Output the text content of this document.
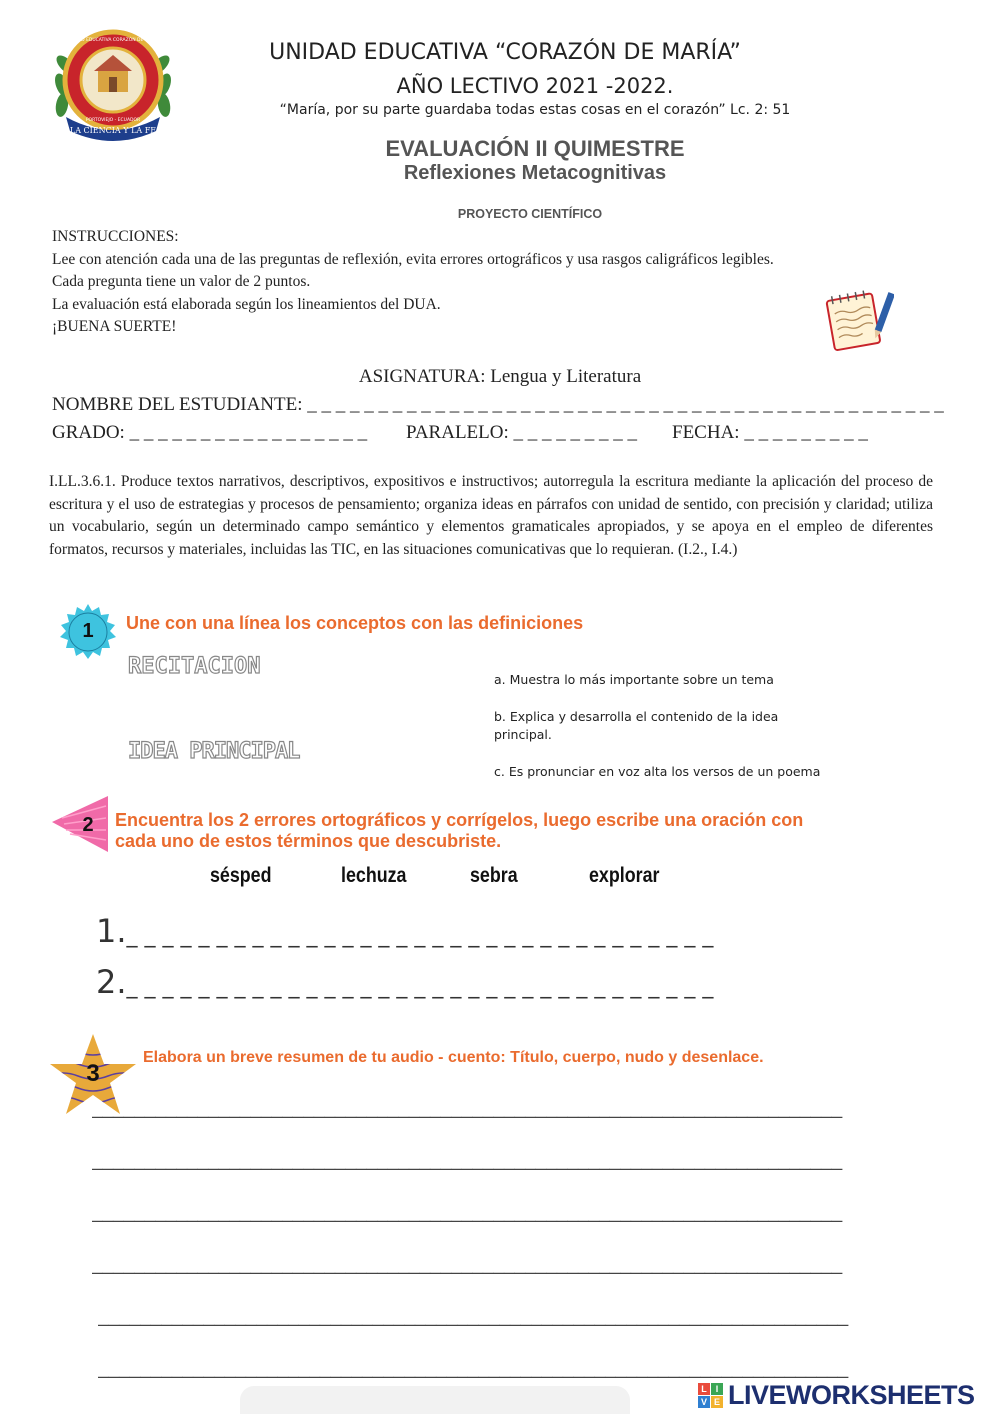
LA CIENCIA Y LA FE
UNIDAD EDUCATIVA CORAZÓN DE MARÍA
PORTOVIEJO - ECUADOR
UNIDAD EDUCATIVA “CORAZÓN DE MARÍA”
AÑO LECTIVO 2021 -2022.
“María, por su parte guardaba todas estas cosas en el corazón” Lc. 2: 51
EVALUACIÓN II QUIMESTRE
Reflexiones Metacognitivas
PROYECTO CIENTÍFICO
INSTRUCCIONES:
Lee con atención cada una de las preguntas de reflexión, evita errores ortográficos y usa rasgos caligráficos legibles.
Cada pregunta tiene un valor de 2 puntos.
La evaluación está elaborada según los lineamientos del DUA.
¡BUENA SUERTE!
ASIGNATURA: Lengua y Literatura
NOMBRE DEL ESTUDIANTE: _ _ _ _ _ _ _ _ _ _ _ _ _ _ _ _ _ _ _ _ _ _ _ _ _ _ _ _ _ _ _ _ _ _ _ _ _ _ _ _ _ _ _ _ _
GRADO: _ _ _ _ _ _ _ _ _ _ _ _ _ _ _ _ _ PARALELO: _ _ _ _ _ _ _ _ _ FECHA: _ _ _ _ _ _ _ _ _
I.LL.3.6.1. Produce textos narrativos, descriptivos, expositivos e instructivos; autorregula la escritura mediante la aplicación del proceso de escritura y el uso de estrategias y procesos de pensamiento; organiza ideas en párrafos con unidad de sentido, con precisión y claridad; utiliza un vocabulario, según un determinado campo semántico y elementos gramaticales apropiados, y se apoya en el empleo de diferentes formatos, recursos y materiales, incluidas las TIC, en las situaciones comunicativas que lo requieran. (I.2., I.4.)
1	Une con una línea los conceptos con las definiciones
RECITACION
IDEA PRINCIPAL
a. Muestra lo más importante sobre un tema
b. Explica y desarrolla el contenido de la idea principal.
c. Es pronunciar en voz alta los versos de un poema
2	Encuentra los 2 errores ortográficos y corrígelos, luego escribe una oración con
cada uno de estos términos que descubriste.
sésped	lechuza	sebra	explorar
1._ _ _ _ _ _ _ _ _ _ _ _ _ _ _ _ _ _ _ _ _ _ _ _ _ _ _ _ _ _ _ _ _
2._ _ _ _ _ _ _ _ _ _ _ _ _ _ _ _ _ _ _ _ _ _ _ _ _ _ _ _ _ _ _ _ _
3
Elabora un breve resumen de tu audio - cuento: Título, cuerpo, nudo y desenlace.
_______________________________________________________________________
_______________________________________________________________________
_______________________________________________________________________
_______________________________________________________________________
_______________________________________________________________________
_______________________________________________________________________
L I
V E LIVEWORKSHEETS
